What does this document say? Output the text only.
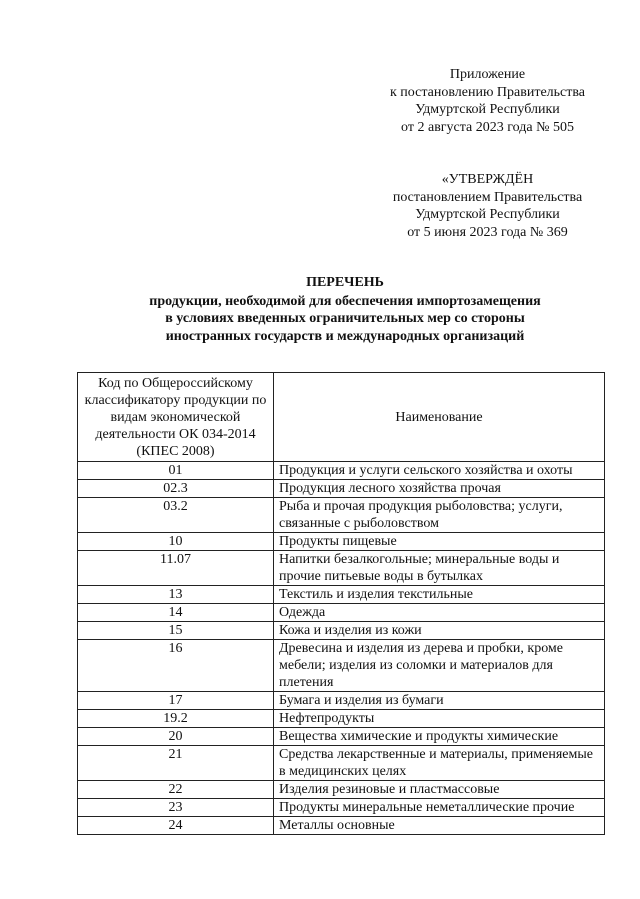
Приложение
к постановлению Правительства
Удмуртской Республики
от 2 августа 2023 года № 505
«УТВЕРЖДЁН
постановлением Правительства
Удмуртской Республики
от 5 июня 2023 года № 369
ПЕРЕЧЕНЬ
продукции, необходимой для обеспечения импортозамещения
в условиях введенных ограничительных мер со стороны
иностранных государств и международных организаций
Код по Общероссийскому классификатору продукции по видам экономической деятельности ОК 034-2014 (КПЕС 2008)	Наименование
01	Продукция и услуги сельского хозяйства и охоты
02.3	Продукция лесного хозяйства прочая
03.2	Рыба и прочая продукция рыболовства; услуги, связанные с рыболовством
10	Продукты пищевые
11.07	Напитки безалкогольные; минеральные воды и прочие питьевые воды в бутылках
13	Текстиль и изделия текстильные
14	Одежда
15	Кожа и изделия из кожи
16	Древесина и изделия из дерева и пробки, кроме мебели; изделия из соломки и материалов для плетения
17	Бумага и изделия из бумаги
19.2	Нефтепродукты
20	Вещества химические и продукты химические
21	Средства лекарственные и материалы, применяемые в медицинских целях
22	Изделия резиновые и пластмассовые
23	Продукты минеральные неметаллические прочие
24	Металлы основные
